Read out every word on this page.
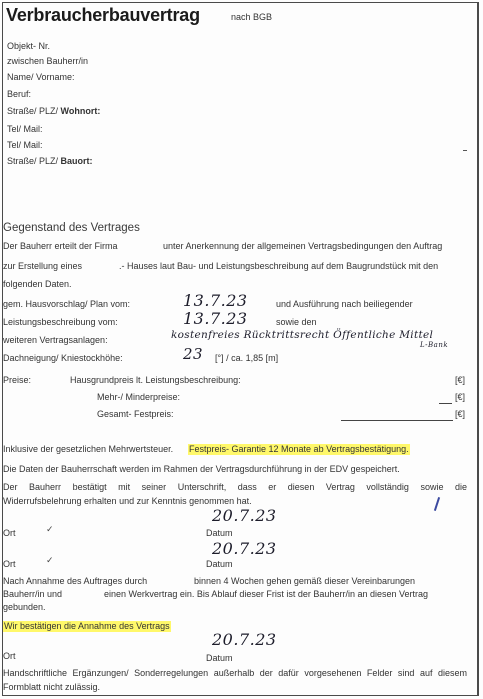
Verbraucherbauvertrag	nach BGB
Objekt- Nr.
zwischen Bauherr/in
Name/ Vorname:
Beruf:
Straße/ PLZ/ Wohnort:
Tel/ Mail:
Tel/ Mail:
Straße/ PLZ/ Bauort:
Gegenstand des Vertrages
Der Bauherr erteilt der Firma	unter Anerkennung der allgemeinen Vertragsbedingungen den Auftrag
zur Erstellung eines	.- Hauses laut Bau- und Leistungsbeschreibung auf dem Baugrundstück mit den
folgenden Daten.
gem. Hausvorschlag/ Plan vom:	13.7.23	und Ausführung nach beiliegender
Leistungsbeschreibung vom:	13.7.23	sowie den
weiteren Vertragsanlagen:	kostenfreies Rücktrittsrecht Öffentliche Mittel
L-Bank
Dachneigung/ Kniestockhöhe:	23 [°] / ca. 1,85 [m]
Preise:	Hausgrundpreis lt. Leistungsbeschreibung:	[€]
Mehr-/ Minderpreise:	[€]
Gesamt- Festpreis:	[€]
Inklusive der gesetzlichen Mehrwertsteuer. Festpreis- Garantie 12 Monate ab Vertragsbestätigung.
Die Daten der Bauherrschaft werden im Rahmen der Vertragsdurchführung in der EDV gespeichert.
Der Bauherr bestätigt mit seiner Unterschrift, dass er diesen Vertrag vollständig sowie die
Widerrufsbelehrung erhalten und zur Kenntnis genommen hat.
20.7.23
Ort	✓	Datum
20.7.23
Ort	✓	Datum
Nach Annahme des Auftrages durch	binnen 4 Wochen gehen gemäß dieser Vereinbarungen
Bauherr/in und	einen Werkvertrag ein. Bis Ablauf dieser Frist ist der Bauherr/in an diesen Vertrag
gebunden.
Wir bestätigen die Annahme des Vertrags
20.7.23
Ort	Datum
Handschriftliche Ergänzungen/ Sonderregelungen außerhalb der dafür vorgesehenen Felder sind auf diesem
Formblatt nicht zulässig.
